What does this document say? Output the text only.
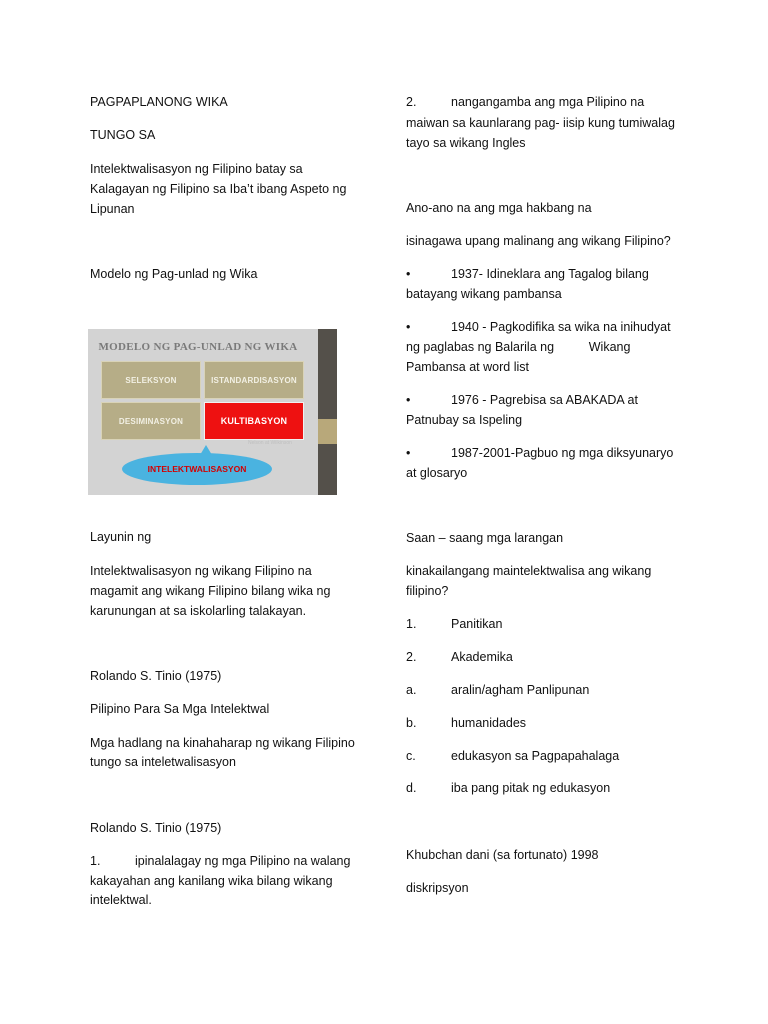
PAGPAPLANONG WIKA

TUNGO SA

Intelektwalisasyon ng Filipino batay sa

Kalagayan ng Filipino sa Iba’t ibang Aspeto ng

Lipunan

Modelo ng Pag-unlad ng Wika

MODELO NG PAG-UNLAD NG WIKA
SELEKSYON	ISTANDARDISASYON
DESIMINASYON	KULTIBASYON
Nelson at Wilkinson
INTELEKTWALISASYON

Layunin ng

Intelektwalisasyon ng wikang Filipino na

magamit ang wikang Filipino bilang wika ng

karunungan at sa iskolarling talakayan.

Rolando S. Tinio (1975)

Pilipino Para Sa Mga Intelektwal

Mga hadlang na kinahaharap ng wikang Filipino

tungo sa inteletwalisasyon

Rolando S. Tinio (1975)

1.	ipinalalagay ng mga Pilipino na walang

kakayahan ang kanilang wika bilang wikang

intelektwal.

2.	nangangamba ang mga Pilipino na

maiwan sa kaunlarang pag- iisip kung tumiwalag

tayo sa wikang Ingles

Ano-ano na ang mga hakbang na

isinagawa upang malinang ang wikang Filipino?

•	1937- Idineklara ang Tagalog bilang

batayang wikang pambansa

•	1940 - Pagkodifika sa wika na inihudyat

ng paglabas ng Balarila ng          Wikang

Pambansa at word list

•	1976 - Pagrebisa sa ABAKADA at

Patnubay sa Ispeling

•	1987-2001-Pagbuo ng mga diksyunaryo

at glosaryo

Saan – saang mga larangan

kinakailangang maintelektwalisa ang wikang

filipino?

1.	Panitikan

2.	Akademika

a.	aralin/agham Panlipunan

b.	humanidades

c.	edukasyon sa Pagpapahalaga

d.	iba pang pitak ng edukasyon

Khubchan dani (sa fortunato) 1998

diskripsyon
